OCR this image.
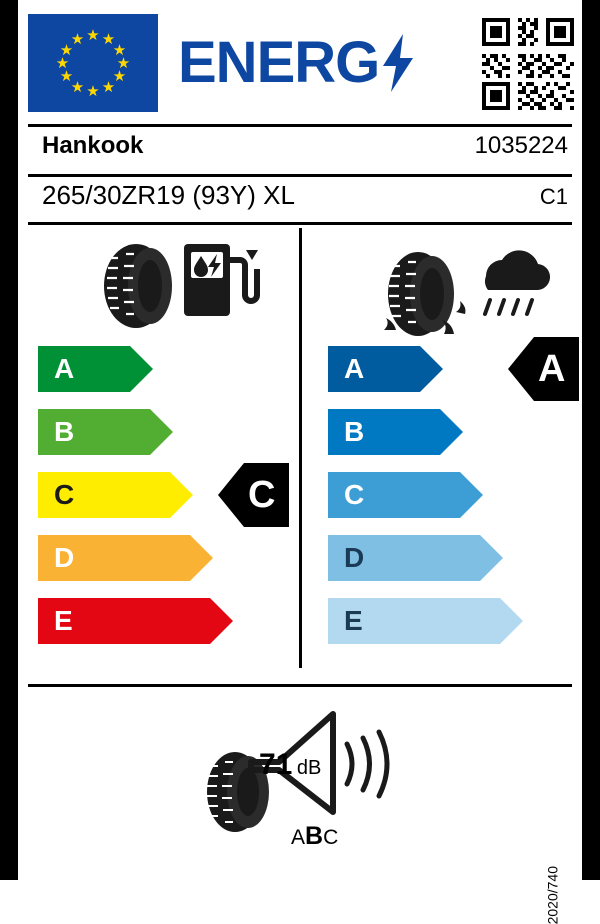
★
★ ★
★	★
★	★
★	★
★ ★
★ ENERG
Hankook	1035224
265/30ZR19 (93Y) XL	C1
A
B
C
D
E
C
A
B
C
D
E
A
71 dB
ABC
2020/740
